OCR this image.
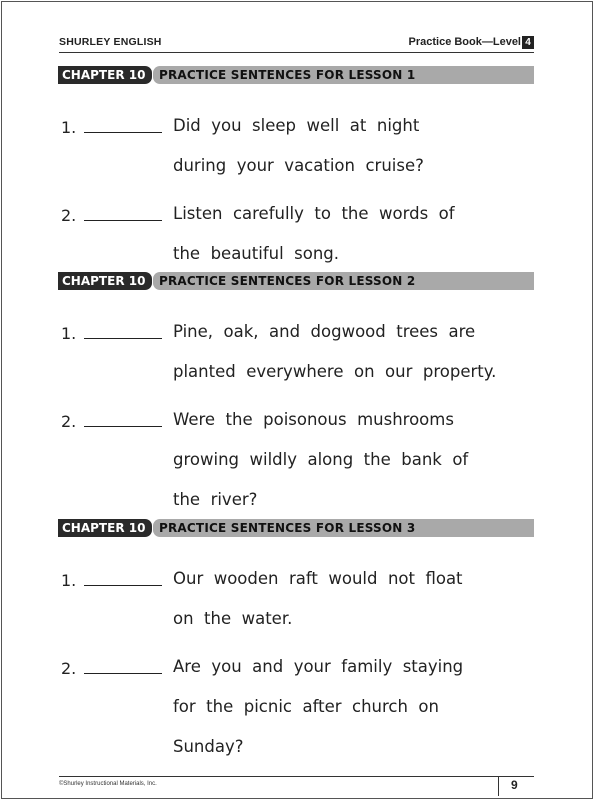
SHURLEY ENGLISH	Practice Book—Level 4
CHAPTER 10	PRACTICE SENTENCES FOR LESSON 1
1.	Did  you  sleep  well  at  night
during  your  vacation  cruise?
2.	Listen  carefully  to  the  words  of
the  beautiful  song.
CHAPTER 10	PRACTICE SENTENCES FOR LESSON 2
1.	Pine,  oak,  and  dogwood  trees  are
planted  everywhere  on  our  property.
2.	Were  the  poisonous  mushrooms
growing  wildly  along  the  bank  of
the  river?
CHAPTER 10	PRACTICE SENTENCES FOR LESSON 3
1.	Our  wooden  raft  would  not  float
on  the  water.
2.	Are  you  and  your  family  staying
for  the  picnic  after  church  on
Sunday?
©Shurley Instructional Materials, Inc.	9
